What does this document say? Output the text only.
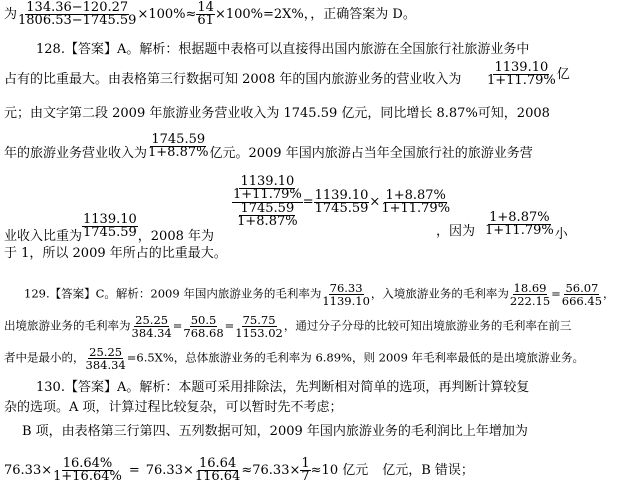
为 $\frac{134.36-120.27}{1806.53-1745.59} \times 100\%\approx \frac{14}{61} \times 100\%=2X\%$，，正确答案为 D。
128.【答案】A。解析：根据题中表格可以直接得出国内旅游在全国旅行社旅游业务中
占有的比重最大。由表格第三行数据可知 2008 年的国内旅游业务的营业收入为 $\frac{1139.10}{1+11.79\%}$ 亿
元；由文字第二段 2009 年旅游业务营业收入为 1745.59 亿元，同比增长 8.87%可知，2008
年的旅游业务营业收入为 $\frac{1745.59}{1+8.87\%}$ 亿元。2009 年国内旅游占当年全国旅行社的旅游业务营
业收入比重为 $\frac{1139.10}{1745.59}$ ，2008 年为
$\frac{\frac{1139.10}{1+11.79\%}}{\frac{1745.59}{1+8.87\%}} = \frac{1139.10}{1745.59} \times \frac{1+8.87\%}{1+11.79\%}$
，因为 $\frac{1+8.87\%}{1+11.79\%}$ 小
于 1，所以 2009 年所占的比重最大。
129.【答案】C。解析：2009 年国内旅游业务的毛利率为 $\frac{76.33}{1139.10}$ ，入境旅游业务的毛利率为 $\frac{18.69}{222.15} = \frac{56.07}{666.45}$ ，
出境旅游业务的毛利率为 $\frac{25.25}{384.34} = \frac{50.5}{768.68} = \frac{75.75}{1153.02}$ ，通过分子分母的比较可知出境旅游业务的毛利率在前三
者中是最小的， $\frac{25.25}{384.34} =6.5X\%$，总体旅游业务的毛利率为 6.89%，则 2009 年毛利率最低的是出境旅游业务。
130.【答案】A。解析：本题可采用排除法，先判断相对简单的选项，再判断计算较复
杂的选项。A 项，计算过程比较复杂，可以暂时先不考虑；
B 项，由表格第三行第四、五列数据可知，2009 年国内旅游业务的毛利润比上年增加为
$76.33\times \frac{16.64\%}{1+16.64\%} = 76.33\times \frac{16.64}{116.64} \approx 76.33\times \frac{1}{7} \approx 10$ 亿元 亿元，B 错误；
